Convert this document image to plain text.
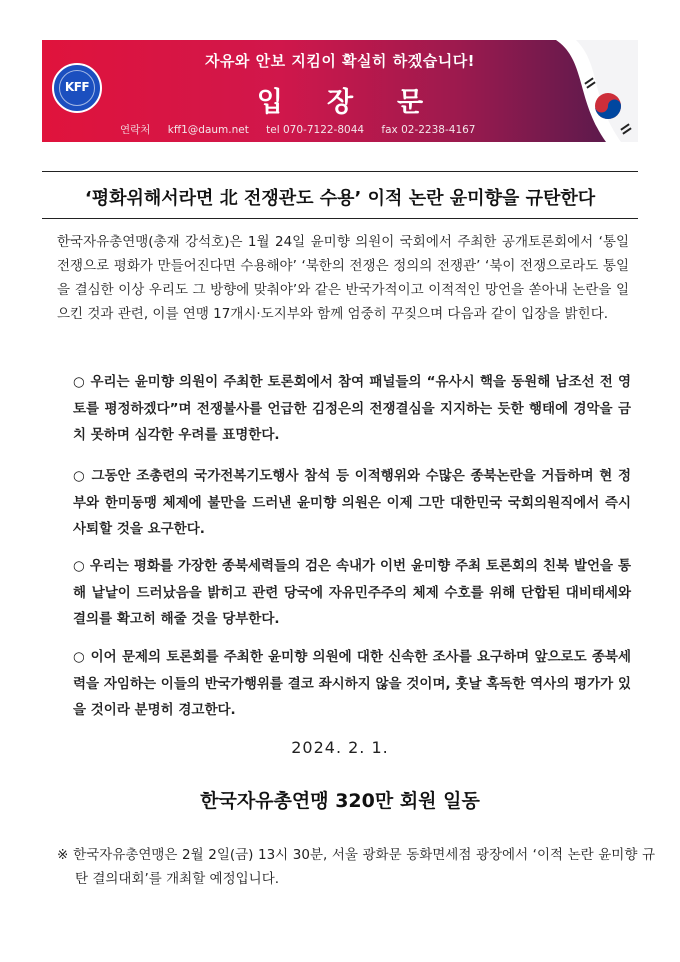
KFF
자유와 안보 지킴이 확실히 하겠습니다!
입 장 문
연락처 kff1@daum.net tel 070-7122-8044 fax 02-2238-4167
‘평화위해서라면 北 전쟁관도 수용’ 이적 논란 윤미향을 규탄한다
한국자유총연맹(총재 강석호)은 1월 24일 윤미향 의원이 국회에서 주최한 공개토론회에서 ‘통일전쟁으로 평화가 만들어진다면 수용해야’ ‘북한의 전쟁은 정의의 전쟁관’ ‘북이 전쟁으로라도 통일을 결심한 이상 우리도 그 방향에 맞춰야’와 같은 반국가적이고 이적적인 망언을 쏟아내 논란을 일으킨 것과 관련, 이를 연맹 17개시·도지부와 함께 엄중히 꾸짖으며 다음과 같이 입장을 밝힌다.
○ 우리는 윤미향 의원이 주최한 토론회에서 참여 패널들의 “유사시 핵을 동원해 남조선 전 영토를 평정하겠다”며 전쟁불사를 언급한 김정은의 전쟁결심을 지지하는 듯한 행태에 경악을 금치 못하며 심각한 우려를 표명한다.
○ 그동안 조총련의 국가전복기도행사 참석 등 이적행위와 수많은 종북논란을 거듭하며 현 정부와 한미동맹 체제에 불만을 드러낸 윤미향 의원은 이제 그만 대한민국 국회의원직에서 즉시 사퇴할 것을 요구한다.
○ 우리는 평화를 가장한 종북세력들의 검은 속내가 이번 윤미향 주최 토론회의 친북 발언을 통해 낱낱이 드러났음을 밝히고 관련 당국에 자유민주주의 체제 수호를 위해 단합된 대비태세와 결의를 확고히 해줄 것을 당부한다.
○ 이어 문제의 토론회를 주최한 윤미향 의원에 대한 신속한 조사를 요구하며 앞으로도 종북세력을 자임하는 이들의 반국가행위를 결코 좌시하지 않을 것이며, 훗날 혹독한 역사의 평가가 있을 것이라 분명히 경고한다.
2024. 2. 1.
한국자유총연맹 320만 회원 일동
※ 한국자유총연맹은 2월 2일(금) 13시 30분, 서울 광화문 동화면세점 광장에서 ‘이적 논란 윤미향 규탄 결의대회’를 개최할 예정입니다.
